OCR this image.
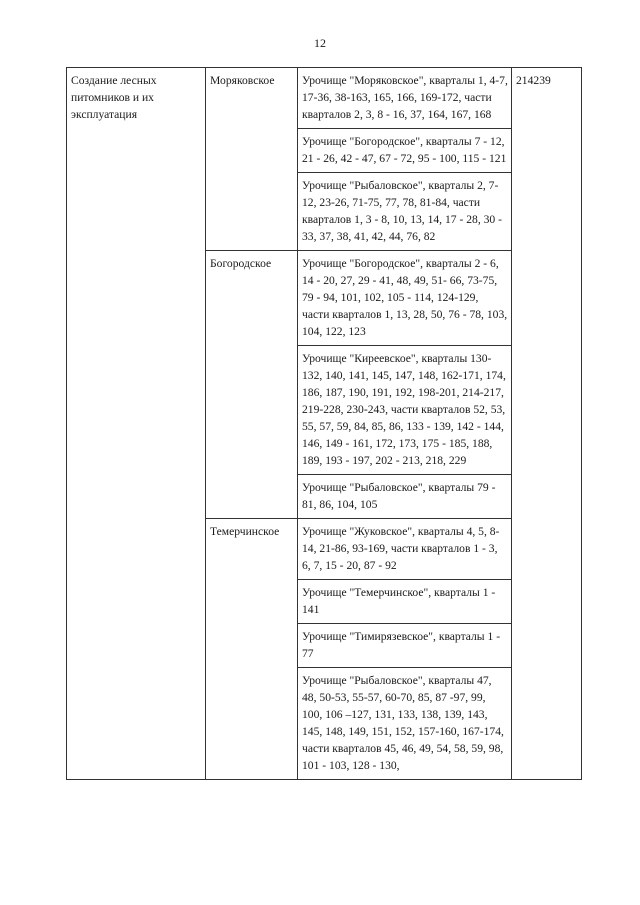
12
Создание лесных питомников и их эксплуатация	Моряковское	Урочище "Моряковское", кварталы 1, 4-7, 17-36, 38-163, 165, 166, 169-172, части кварталов 2, 3, 8 - 16, 37, 164, 167, 168	214239
		Урочище "Богородское", кварталы 7 - 12, 21 - 26, 42 - 47, 67 - 72, 95 - 100, 115 - 121	
		Урочище "Рыбаловское", кварталы 2, 7-12, 23-26, 71-75, 77, 78, 81-84, части кварталов 1, 3 - 8, 10, 13, 14, 17 - 28, 30 - 33, 37, 38, 41, 42, 44, 76, 82	
	Богородское	Урочище "Богородское", кварталы 2 - 6, 14 - 20, 27, 29 - 41, 48, 49, 51- 66, 73-75, 79 - 94, 101, 102, 105 - 114, 124-129, части кварталов 1, 13, 28, 50, 76 - 78, 103, 104, 122, 123	
		Урочище "Киреевское", кварталы 130-132, 140, 141, 145, 147, 148, 162-171, 174, 186, 187, 190, 191, 192, 198-201, 214-217, 219-228, 230-243, части кварталов 52, 53, 55, 57, 59, 84, 85, 86, 133 - 139, 142 - 144, 146, 149 - 161, 172, 173, 175 - 185, 188, 189, 193 - 197, 202 - 213, 218, 229	
		Урочище "Рыбаловское", кварталы 79 - 81, 86, 104, 105	
	Темерчинское	Урочище "Жуковское", кварталы 4, 5, 8-14, 21-86, 93-169, части кварталов 1 - 3, 6, 7, 15 - 20, 87 - 92	
		Урочище "Темерчинское", кварталы 1 - 141	
		Урочище "Тимирязевское", кварталы 1 - 77	
		Урочище "Рыбаловское", кварталы 47, 48, 50-53, 55-57, 60-70, 85, 87 -97, 99, 100, 106 –127, 131, 133, 138, 139, 143, 145, 148, 149, 151, 152, 157-160, 167-174, части кварталов 45, 46, 49, 54, 58, 59, 98, 101 - 103, 128 - 130,	
